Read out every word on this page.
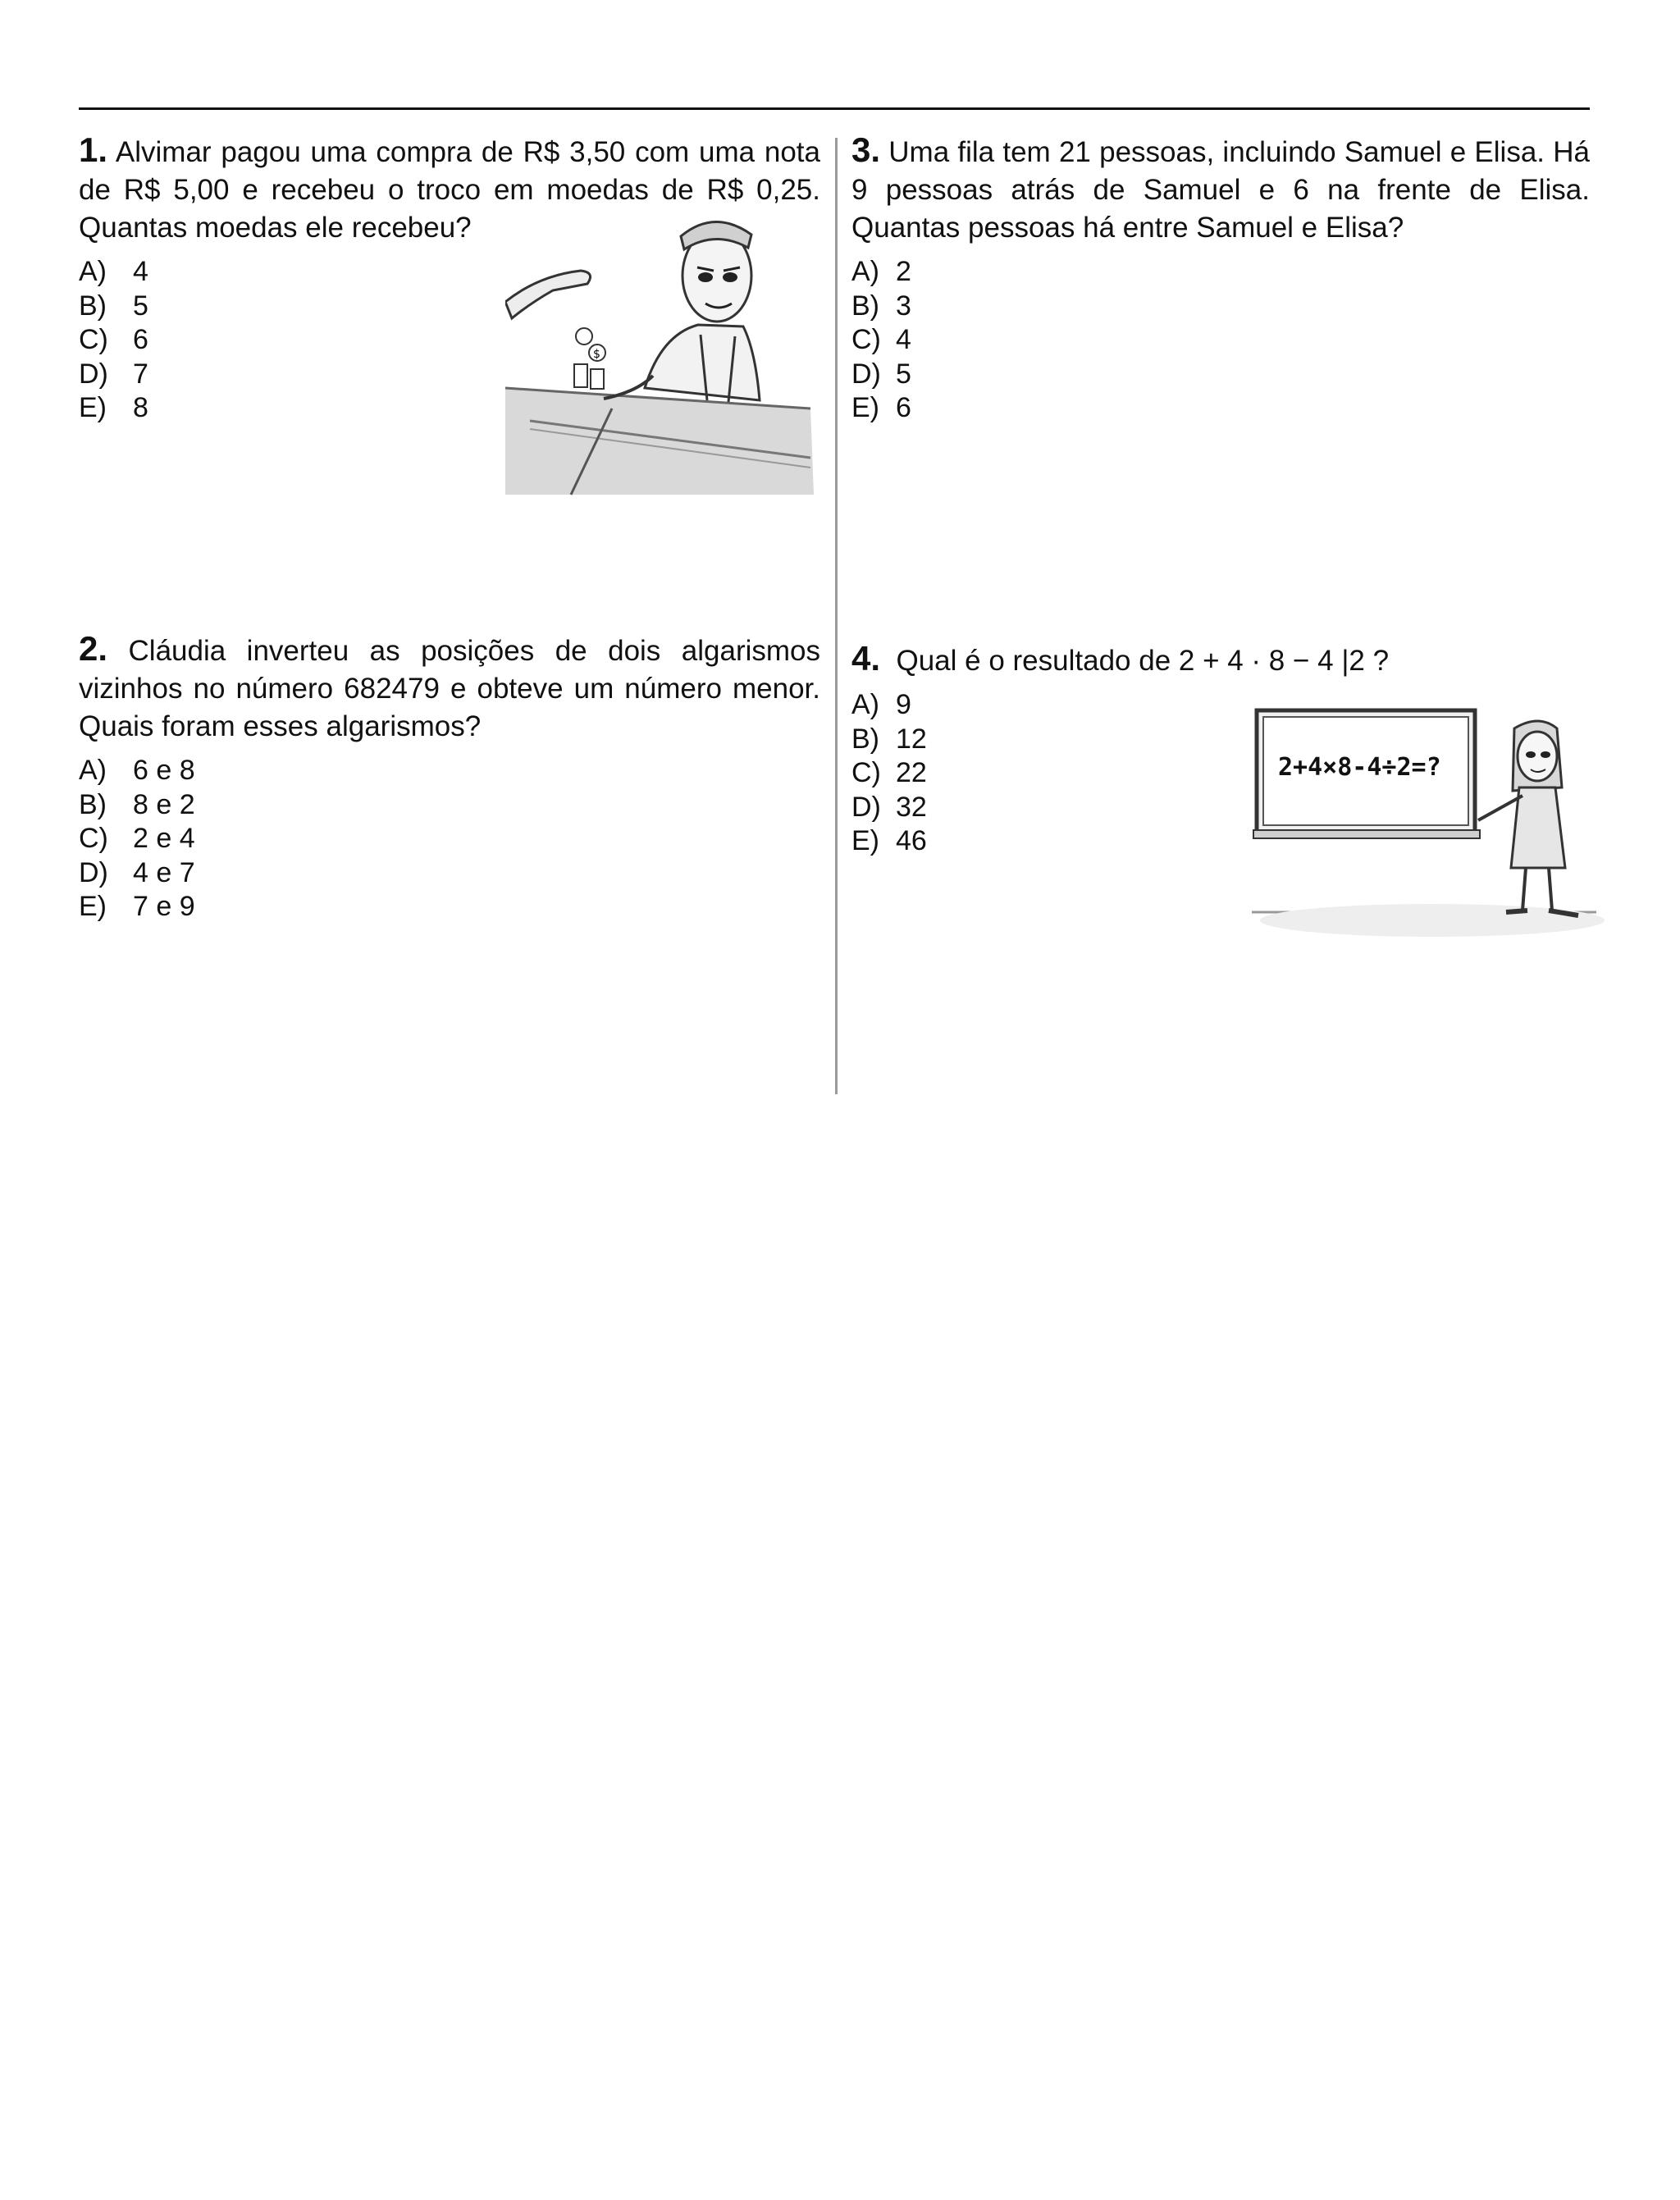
1. Alvimar pagou uma compra de R$ 3,50 com uma nota de R$ 5,00 e recebeu o troco em moedas de R$ 0,25. Quantas moedas ele recebeu?

A) 4
B) 5
C) 6
D) 7
E) 8
$

2. Cláudia inverteu as posições de dois algarismos vizinhos no número 682479 e obteve um número menor. Quais foram esses algarismos?

A) 6 e 8
B) 8 e 2
C) 2 e 4
D) 4 e 7
E) 7 e 9

3. Uma fila tem 21 pessoas, incluindo Samuel e Elisa. Há 9 pessoas atrás de Samuel e 6 na frente de Elisa. Quantas pessoas há entre Samuel e Elisa?

A) 2
B) 3
C) 4
D) 5
E) 6

4. Qual é o resultado de 2 + 4 · 8 − 4 |2 ?

A) 9
B) 12
C) 22
D) 32
E) 46
2+4×8-4÷2=?
